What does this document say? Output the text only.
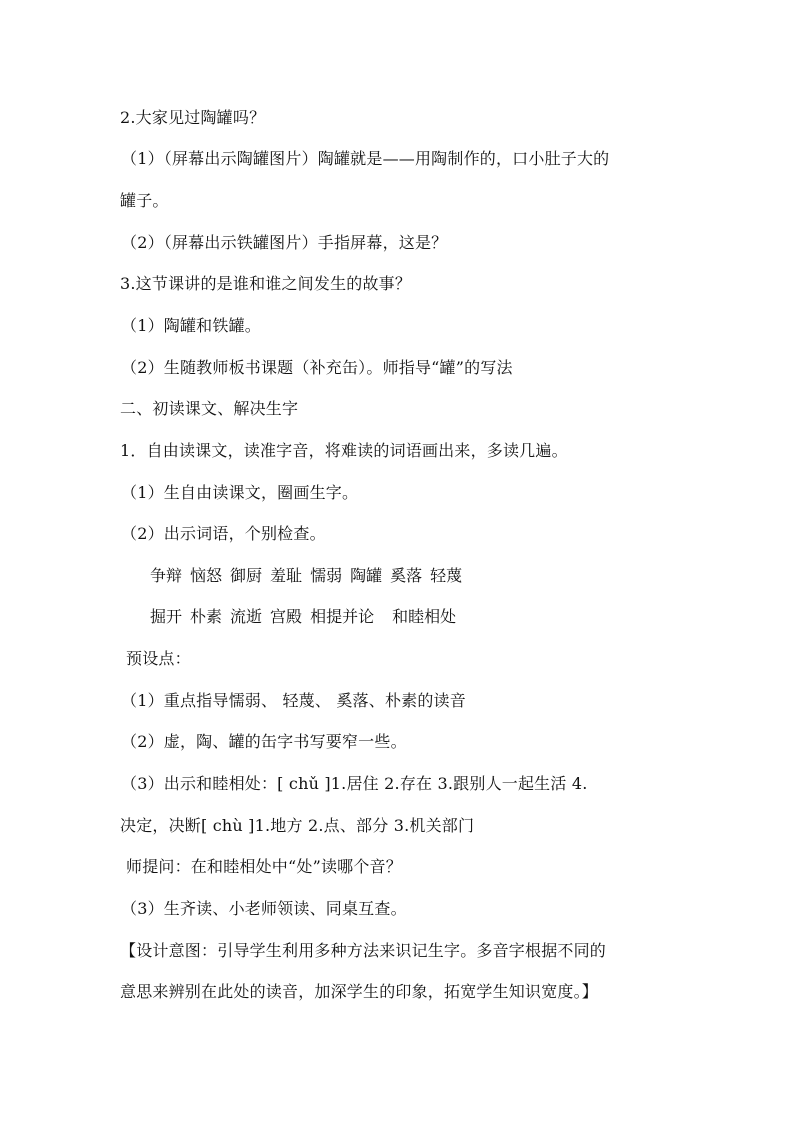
2.大家见过陶罐吗？
（1）（屏幕出示陶罐图片）陶罐就是——用陶制作的，口小肚子大的
罐子。
（2）（屏幕出示铁罐图片）手指屏幕，这是？
3.这节课讲的是谁和谁之间发生的故事？
（1）陶罐和铁罐。
（2）生随教师板书课题（补充缶）。师指导“罐”的写法
二、初读课文、解决生字
1．自由读课文，读准字音，将难读的词语画出来，多读几遍。
（1）生自由读课文，圈画生字。
（2）出示词语，个别检查。
争辩 恼怒 御厨 羞耻 懦弱 陶罐 奚落 轻蔑
掘开 朴素 流逝 宫殿 相提并论 和睦相处
预设点：
（1）重点指导懦弱、 轻蔑、 奚落、朴素的读音
（2）虚，陶、罐的缶字书写要窄一些。
（3）出示和睦相处：[ chǔ ]1.居住 2.存在 3.跟别人一起生活 4.
决定，决断[ chù ]1.地方 2.点、部分 3.机关部门
师提问：在和睦相处中“处”读哪个音？
（3）生齐读、小老师领读、同桌互查。
【设计意图：引导学生利用多种方法来识记生字。多音字根据不同的
意思来辨别在此处的读音，加深学生的印象，拓宽学生知识宽度。】
